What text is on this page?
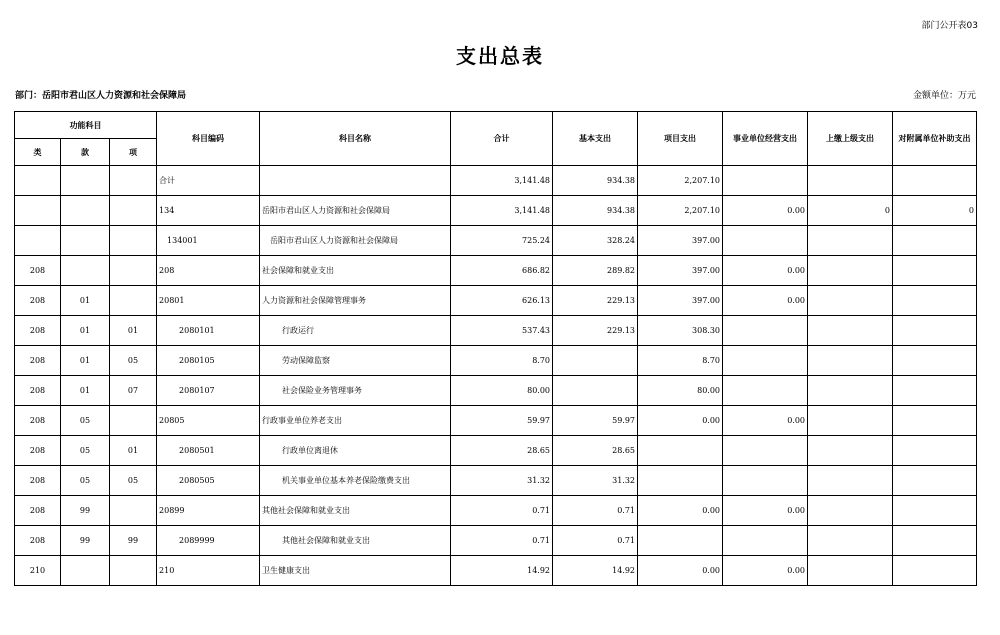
部门公开表03
支出总表
部门：岳阳市君山区人力资源和社会保障局	金额单位：万元
功能科目			科目编码	科目名称	合计	基本支出	项目支出	事业单位经营支出	上缴上级支出	对附属单位补助支出
类	款	项								
			合计		3,141.48	934.38	2,207.10			
			134	岳阳市君山区人力资源和社会保障局	3,141.48	934.38	2,207.10	0.00	0	0
			134001	岳阳市君山区人力资源和社会保障局	725.24	328.24	397.00			
208			208	社会保障和就业支出	686.82	289.82	397.00	0.00		
208	01		20801	人力资源和社会保障管理事务	626.13	229.13	397.00	0.00		
208	01	01	2080101	行政运行	537.43	229.13	308.30			
208	01	05	2080105	劳动保障监察	8.70		8.70			
208	01	07	2080107	社会保险业务管理事务	80.00		80.00			
208	05		20805	行政事业单位养老支出	59.97	59.97	0.00	0.00		
208	05	01	2080501	行政单位离退休	28.65	28.65				
208	05	05	2080505	机关事业单位基本养老保险缴费支出	31.32	31.32				
208	99		20899	其他社会保障和就业支出	0.71	0.71	0.00	0.00		
208	99	99	2089999	其他社会保障和就业支出	0.71	0.71				
210			210	卫生健康支出	14.92	14.92	0.00	0.00		
